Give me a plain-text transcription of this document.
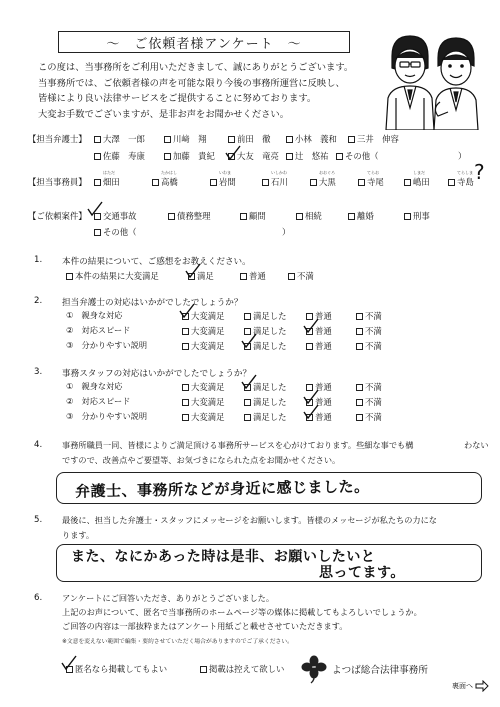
～　ご依頼者様アンケート　～
この度は、当事務所をご利用いただきまして、誠にありがとうございます。
当事務所では、ご依頼者様の声を可能な限り今後の事務所運営に反映し、
皆様により良い法律サービスをご提供することに努めております。
大変お手数でございますが、是非お声をお聞かせください。
【担当弁護士】 大澤　一郎	川﨑　翔	前田　徹	小林　義和 三井　伸容
佐藤　寿康	加藤　貴紀	大友　竜亮 辻　悠祐 その他（	）
【担当事務員】
はただ
畑田
たかはし
高橋
いわま
岩間
いしかわ
石川
おおぐろ
大黒
てらお
寺尾
しまだ
嶋田
てらしま
寺島 ?
【ご依頼案件】 交通事故	債務整理	顧問	相続	離婚	刑事
その他（	）
1. 本件の結果について、ご感想をお教えください。
本件の結果に大変満足	満足	普通	不満
2. 担当弁護士の対応はいかがでしたでしょうか？
①　親身な対応	大変満足	満足した	普通	不満
②　対応スピード	大変満足	満足した	普通	不満
③　分かりやすい説明	大変満足	満足した	普通	不満
3. 事務スタッフの対応はいかがでしたでしょうか？
①　親身な対応	大変満足	満足した	普通	不満
②　対応スピード	大変満足	満足した	普通	不満
③　分かりやすい説明	大変満足	満足した	普通	不満
4. 事務所職員一同、皆様によりご満足頂ける事務所サービスを心がけております。些細な事でも構	わない
ですので、改善点やご要望等、お気づきになられた点をお聞かせください。
弁護士、事務所などが身近に感じました。
5. 最後に、担当した弁護士・スタッフにメッセージをお願いします。皆様のメッセージが私たちの力にな
ります。
また、なにかあった時は是非、お願いしたいと
思ってます。
6. アンケートにご回答いただき、ありがとうございました。
上記のお声について、匿名で当事務所のホームページ等の媒体に掲載してもよろしいでしょうか。
ご回答の内容は一部抜粋またはアンケート用紙ごと載せさせていただきます。
※文意を変えない範囲で編集・要約させていただく場合がありますのでご了承ください。
匿名なら掲載してもよい	掲載は控えて欲しい	よつば総合法律事務所
裏面へ
